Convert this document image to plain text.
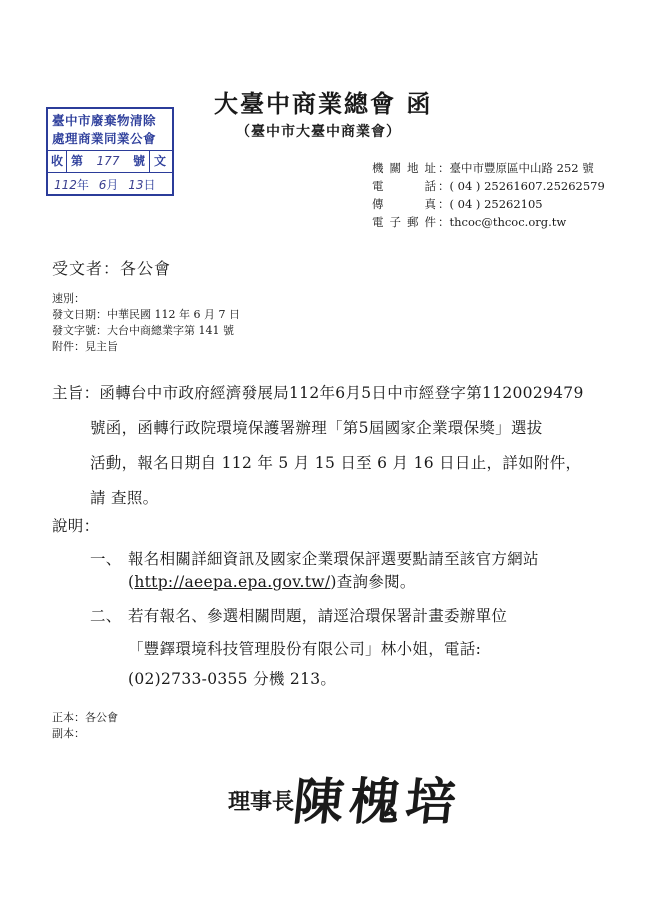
大臺中商業總會 函
（臺中市大臺中商業會）
臺中市廢棄物清除
處理商業同業公會
收 第	177	號 文
112年 6月 13日
機關地址 ：臺中市豐原區中山路 252 號
電　　話 ：( 04 ) 25261607.25262579
傳　　真 ：( 04 ) 25262105
電子郵件 ：thcoc@thcoc.org.tw
受文者：各公會
速別：
發文日期：中華民國 112 年 6 月 7 日
發文字號：大台中商總業字第 141 號
附件：見主旨
主旨：函轉台中市政府經濟發展局112年6月5日中市經登字第1120029479
號函，函轉行政院環境保護署辦理「第5屆國家企業環保獎」選拔
活動，報名日期自 112 年 5 月 15 日至 6 月 16 日日止，詳如附件，
請 查照。
說明：
一、 報名相關詳細資訊及國家企業環保評選要點請至該官方網站
(http://aeepa.epa.gov.tw/)查詢參閱。
二、 若有報名、參選相關問題，請逕洽環保署計畫委辦單位
「豐鐸環境科技管理股份有限公司」林小姐，電話:
(02)2733-0355 分機 213。
正本：各公會
副本：
理事長
陳槐培
